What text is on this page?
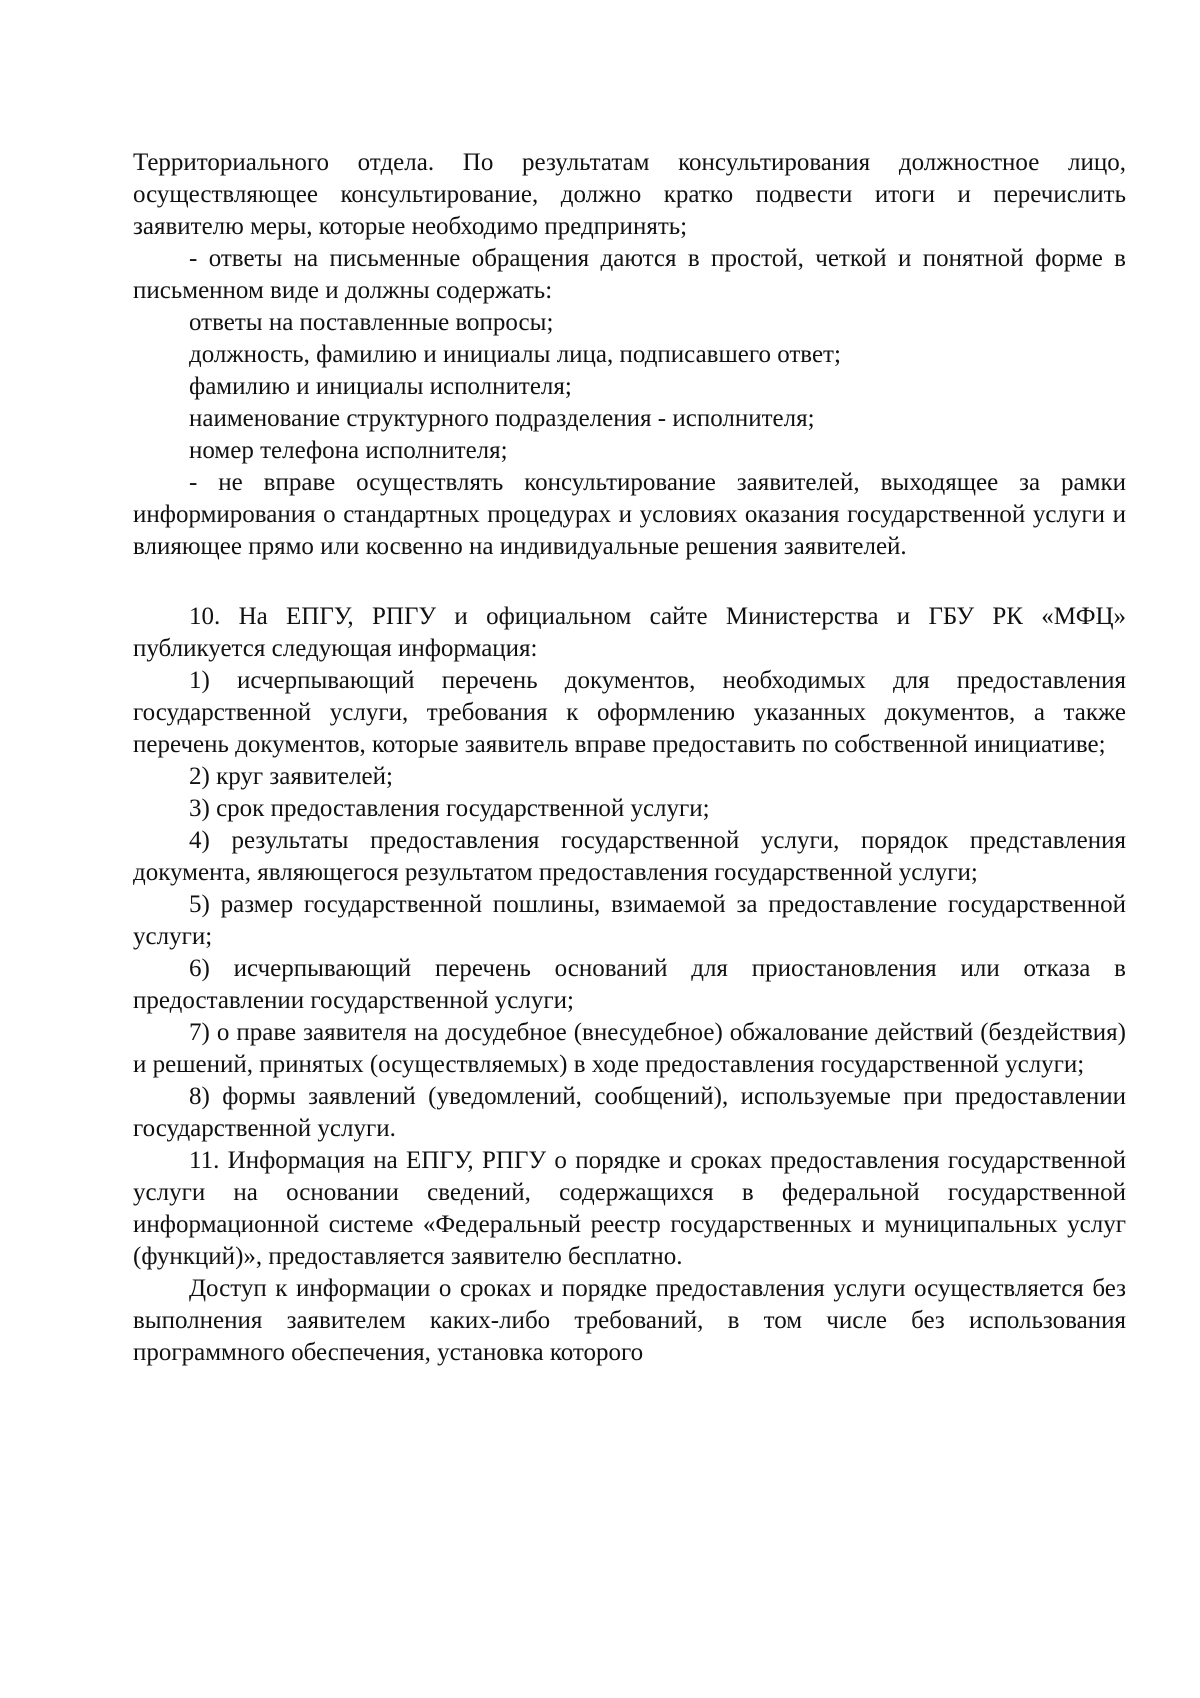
Территориального отдела. По результатам консультирования должностное лицо, осуществляющее консультирование, должно кратко подвести итоги и перечислить заявителю меры, которые необходимо предпринять;

- ответы на письменные обращения даются в простой, четкой и понятной форме в письменном виде и должны содержать:

ответы на поставленные вопросы;

должность, фамилию и инициалы лица, подписавшего ответ;

фамилию и инициалы исполнителя;

наименование структурного подразделения - исполнителя;

номер телефона исполнителя;

- не вправе осуществлять консультирование заявителей, выходящее за рамки информирования о стандартных процедурах и условиях оказания государственной услуги и влияющее прямо или косвенно на индивидуальные решения заявителей.

10. На ЕПГУ, РПГУ и официальном сайте Министерства и ГБУ РК «МФЦ» публикуется следующая информация:

1) исчерпывающий перечень документов, необходимых для предоставления государственной услуги, требования к оформлению указанных документов, а также перечень документов, которые заявитель вправе предоставить по собственной инициативе;

2) круг заявителей;

3) срок предоставления государственной услуги;

4) результаты предоставления государственной услуги, порядок представления документа, являющегося результатом предоставления государственной услуги;

5) размер государственной пошлины, взимаемой за предоставление государственной услуги;

6) исчерпывающий перечень оснований для приостановления или отказа в предоставлении государственной услуги;

7) о праве заявителя на досудебное (внесудебное) обжалование действий (бездействия) и решений, принятых (осуществляемых) в ходе предоставления государственной услуги;

8) формы заявлений (уведомлений, сообщений), используемые при предоставлении государственной услуги.

11. Информация на ЕПГУ, РПГУ о порядке и сроках предоставления государственной услуги на основании сведений, содержащихся в федеральной государственной информационной системе «Федеральный реестр государственных и муниципальных услуг (функций)», предоставляется заявителю бесплатно.

Доступ к информации о сроках и порядке предоставления услуги осуществляется без выполнения заявителем каких-либо требований, в том числе без использования программного обеспечения, установка которого
